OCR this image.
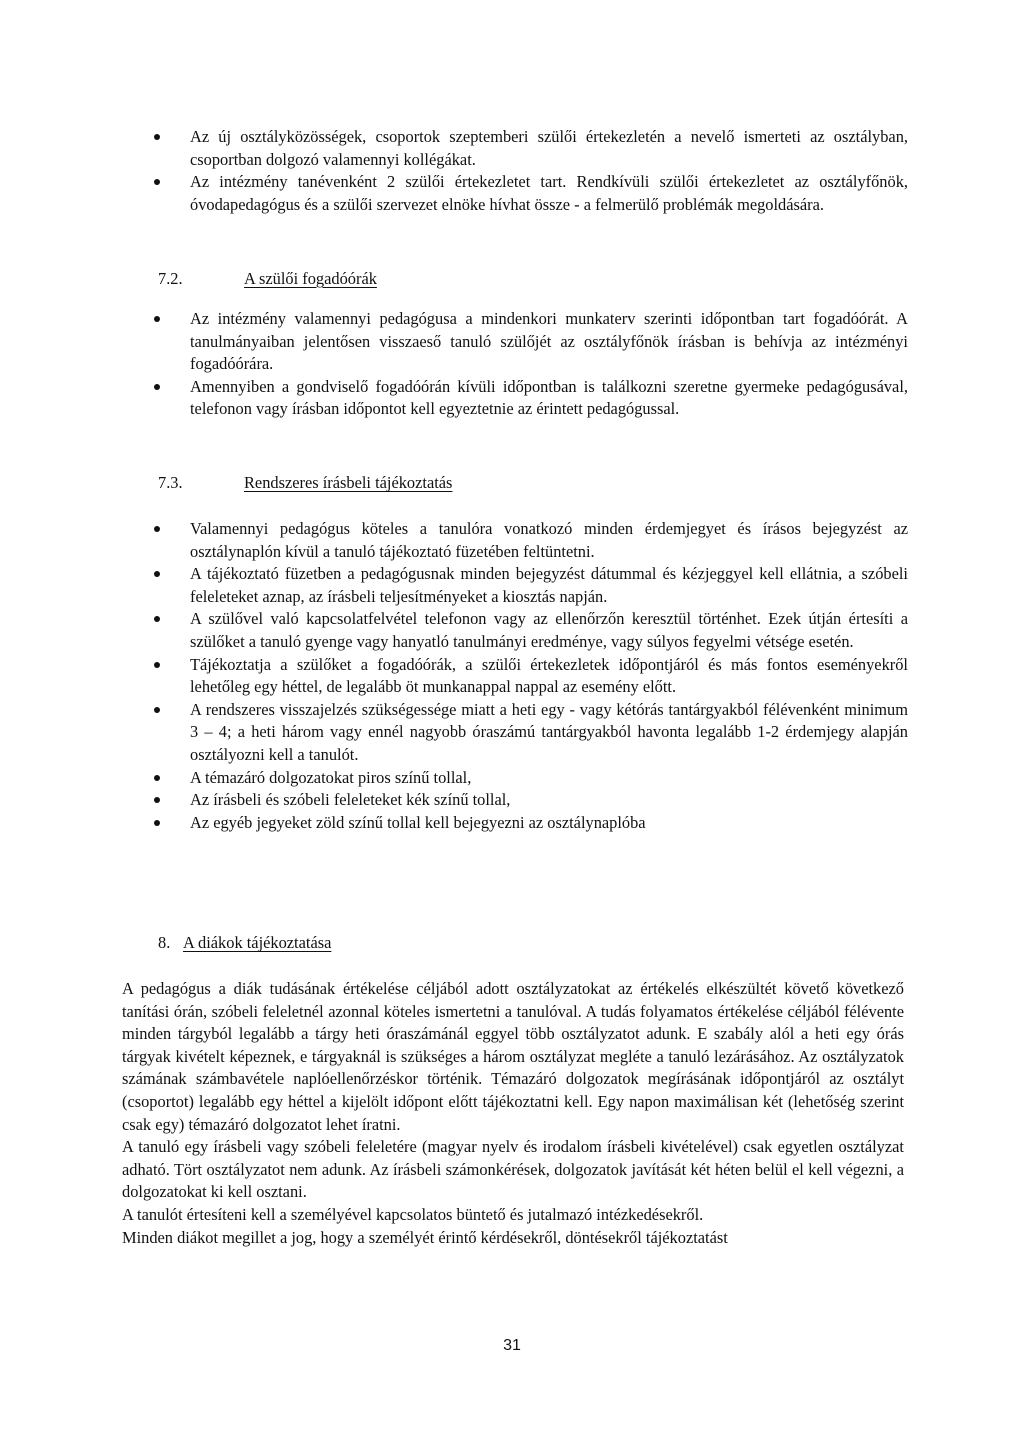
Az új osztályközösségek, csoportok szeptemberi szülői értekezletén a nevelő ismerteti az osztályban, csoportban dolgozó valamennyi kollégákat.
Az intézmény tanévenként 2 szülői értekezletet tart. Rendkívüli szülői értekezletet az osztályfőnök, óvodapedagógus és a szülői szervezet elnöke hívhat össze - a felmerülő problémák megoldására.
7.2.	A szülői fogadóórák
Az intézmény valamennyi pedagógusa a mindenkori munkaterv szerinti időpontban tart fogadóórát. A tanulmányaiban jelentősen visszaeső tanuló szülőjét az osztályfőnök írásban is behívja az intézményi fogadóórára.
Amennyiben a gondviselő fogadóórán kívüli időpontban is találkozni szeretne gyermeke pedagógusával, telefonon vagy írásban időpontot kell egyeztetnie az érintett pedagógussal.
7.3.	Rendszeres írásbeli tájékoztatás
Valamennyi pedagógus köteles a tanulóra vonatkozó minden érdemjegyet és írásos bejegyzést az osztálynaplón kívül a tanuló tájékoztató füzetében feltüntetni.
A tájékoztató füzetben a pedagógusnak minden bejegyzést dátummal és kézjeggyel kell ellátnia, a szóbeli feleleteket aznap, az írásbeli teljesítményeket a kiosztás napján.
A szülővel való kapcsolatfelvétel telefonon vagy az ellenőrzőn keresztül történhet. Ezek útján értesíti a szülőket a tanuló gyenge vagy hanyatló tanulmányi eredménye, vagy súlyos fegyelmi vétsége esetén.
Tájékoztatja a szülőket a fogadóórák, a szülői értekezletek időpontjáról és más fontos eseményekről lehetőleg egy héttel, de legalább öt munkanappal nappal az esemény előtt.
A rendszeres visszajelzés szükségessége miatt a heti egy - vagy kétórás tantárgyakból félévenként minimum 3 – 4; a heti három vagy ennél nagyobb óraszámú tantárgyakból havonta legalább 1-2 érdemjegy alapján osztályozni kell a tanulót.
A témazáró dolgozatokat piros színű tollal,
Az írásbeli és szóbeli feleleteket kék színű tollal,
Az egyéb jegyeket zöld színű tollal kell bejegyezni az osztálynaplóba
8. A diákok tájékoztatása

A pedagógus a diák tudásának értékelése céljából adott osztályzatokat az értékelés elkészültét követő következő tanítási órán, szóbeli feleletnél azonnal köteles ismertetni a tanulóval. A tudás folyamatos értékelése céljából félévente minden tárgyból legalább a tárgy heti óraszámánál eggyel több osztályzatot adunk. E szabály alól a heti egy órás tárgyak kivételt képeznek, e tárgyaknál is szükséges a három osztályzat megléte a tanuló lezárásához. Az osztályzatok számának számbavétele naplóellenőrzéskor történik. Témazáró dolgozatok megírásának időpontjáról az osztályt (csoportot) legalább egy héttel a kijelölt időpont előtt tájékoztatni kell. Egy napon maximálisan két (lehetőség szerint csak egy) témazáró dolgozatot lehet íratni.

A tanuló egy írásbeli vagy szóbeli feleletére (magyar nyelv és irodalom írásbeli kivételével) csak egyetlen osztályzat adható. Tört osztályzatot nem adunk. Az írásbeli számonkérések, dolgozatok javítását két héten belül el kell végezni, a dolgozatokat ki kell osztani.

A tanulót értesíteni kell a személyével kapcsolatos büntető és jutalmazó intézkedésekről.

Minden diákot megillet a jog, hogy a személyét érintő kérdésekről, döntésekről tájékoztatást

31
